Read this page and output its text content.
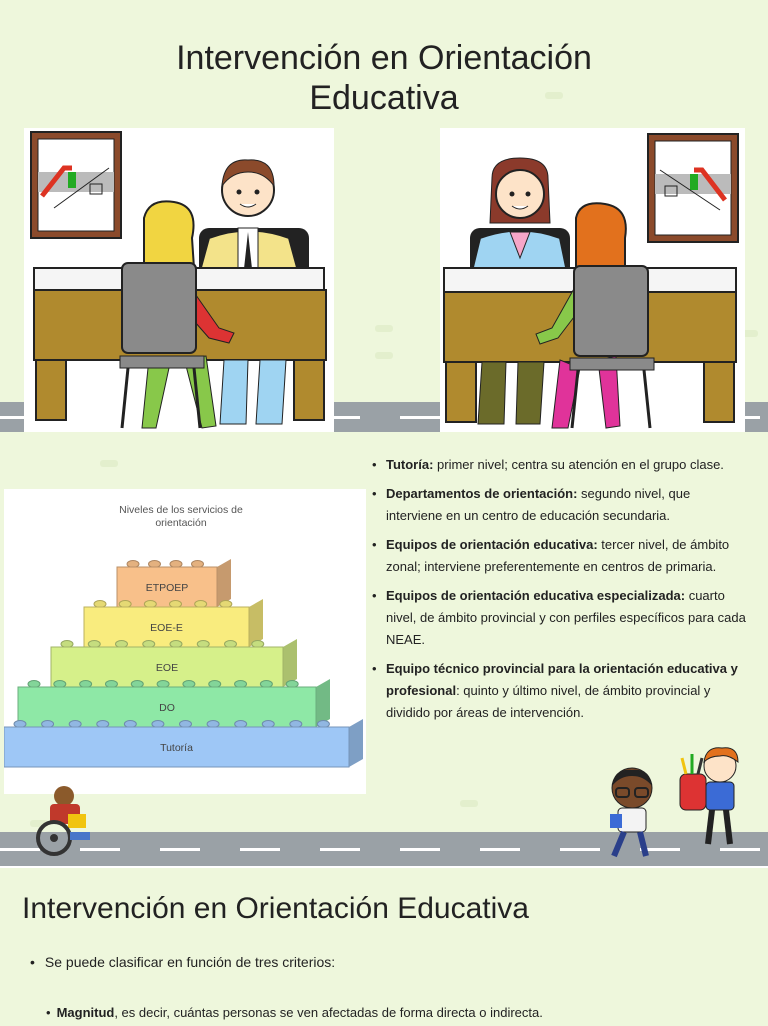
Intervención en Orientación
Educativa
Niveles de los servicios de
orientación
ETPOEP
EOE-E
EOE
DO
Tutoría
• Tutoría: primer nivel; centra su atención en el grupo clase.
• Departamentos de orientación: segundo nivel, que interviene en un centro de educación secundaria.
• Equipos de orientación educativa: tercer nivel, de ámbito zonal; interviene preferentemente en centros de primaria.
• Equipos de orientación educativa especializada: cuarto nivel, de ámbito provincial y con perfiles específicos para cada NEAE.
• Equipo técnico provincial para la orientación educativa y profesional: quinto y último nivel, de ámbito provincial y dividido por áreas de intervención.
Intervención en Orientación Educativa
• Se puede clasificar en función de tres criterios:
• Magnitud, es decir, cuántas personas se ven afectadas de forma directa o indirecta.
